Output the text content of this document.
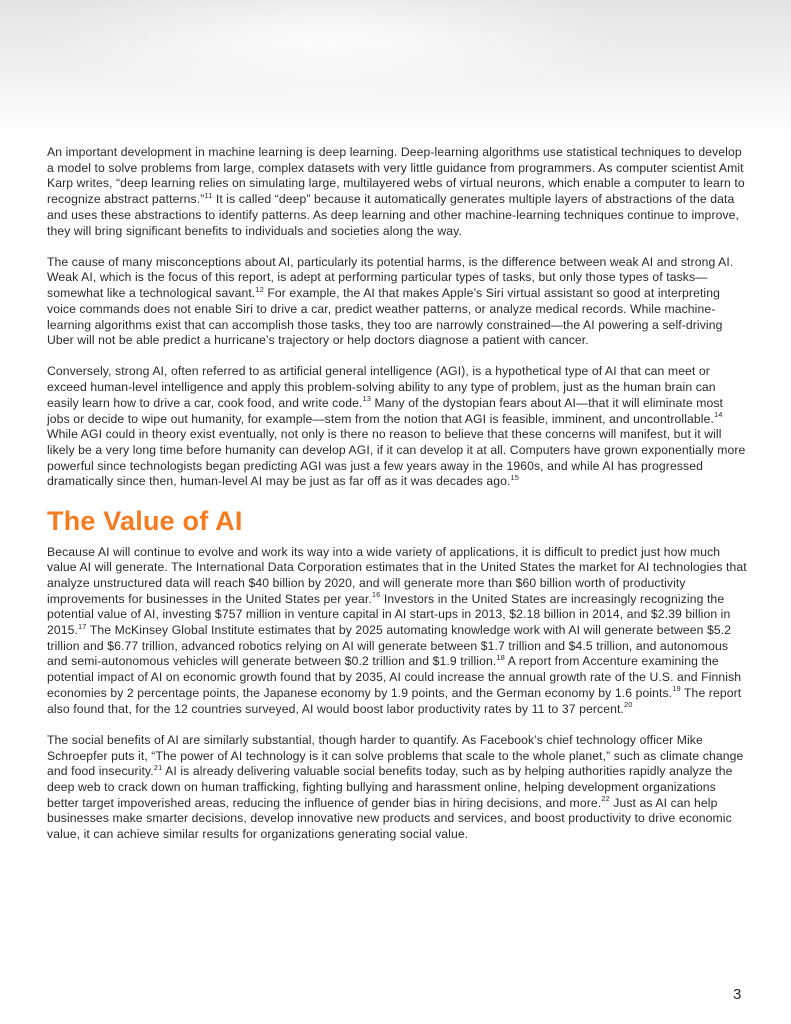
An important development in machine learning is deep learning. Deep-learning algorithms use statistical techniques to develop a model to solve problems from large, complex datasets with very little guidance from programmers. As computer scientist Amit Karp writes, “deep learning relies on simulating large, multilayered webs of virtual neurons, which enable a computer to learn to recognize abstract patterns.”$^{11}$ It is called “deep” because it automatically generates multiple layers of abstractions of the data and uses these abstractions to identify patterns. As deep learning and other machine-learning techniques continue to improve, they will bring significant benefits to individuals and societies along the way.

The cause of many misconceptions about AI, particularly its potential harms, is the difference between weak AI and strong AI. Weak AI, which is the focus of this report, is adept at performing particular types of tasks, but only those types of tasks—somewhat like a technological savant.$^{12}$ For example, the AI that makes Apple’s Siri virtual assistant so good at interpreting voice commands does not enable Siri to drive a car, predict weather patterns, or analyze medical records. While machine-learning algorithms exist that can accomplish those tasks, they too are narrowly constrained—the AI powering a self-driving Uber will not be able predict a hurricane’s trajectory or help doctors diagnose a patient with cancer.

Conversely, strong AI, often referred to as artificial general intelligence (AGI), is a hypothetical type of AI that can meet or exceed human-level intelligence and apply this problem-solving ability to any type of problem, just as the human brain can easily learn how to drive a car, cook food, and write code.$^{13}$ Many of the dystopian fears about AI—that it will eliminate most jobs or decide to wipe out humanity, for example—stem from the notion that AGI is feasible, imminent, and uncontrollable.$^{14}$ While AGI could in theory exist eventually, not only is there no reason to believe that these concerns will manifest, but it will likely be a very long time before humanity can develop AGI, if it can develop it at all. Computers have grown exponentially more powerful since technologists began predicting AGI was just a few years away in the 1960s, and while AI has progressed dramatically since then, human-level AI may be just as far off as it was decades ago.$^{15}$

The Value of AI

Because AI will continue to evolve and work its way into a wide variety of applications, it is difficult to predict just how much value AI will generate. The International Data Corporation estimates that in the United States the market for AI technologies that analyze unstructured data will reach $40 billion by 2020, and will generate more than $60 billion worth of productivity improvements for businesses in the United States per year.$^{16}$ Investors in the United States are increasingly recognizing the potential value of AI, investing $757 million in venture capital in AI start-ups in 2013, $2.18 billion in 2014, and $2.39 billion in 2015.17 The McKinsey Global Institute estimates that by 2025 automating knowledge work with AI will generate between $5.2 trillion and $6.77 trillion, advanced robotics relying on AI will generate between $1.7 trillion and $4.5 trillion, and autonomous and semi-autonomous vehicles will generate between $0.2 trillion and $1.9 trillion.$^{18}$ A report from Accenture examining the potential impact of AI on economic growth found that by 2035, AI could increase the annual growth rate of the U.S. and Finnish economies by 2 percentage points, the Japanese economy by 1.9 points, and the German economy by 1.6 points.$^{19}$ The report also found that, for the 12 countries surveyed, AI would boost labor productivity rates by 11 to 37 percent.$^{20}$

The social benefits of AI are similarly substantial, though harder to quantify. As Facebook’s chief technology officer Mike Schroepfer puts it, “The power of AI technology is it can solve problems that scale to the whole planet,” such as climate change and food insecurity.$^{21}$ AI is already delivering valuable social benefits today, such as by helping authorities rapidly analyze the deep web to crack down on human trafficking, fighting bullying and harassment online, helping development organizations better target impoverished areas, reducing the influence of gender bias in hiring decisions, and more.$^{22}$ Just as AI can help businesses make smarter decisions, develop innovative new products and services, and boost productivity to drive economic value, it can achieve similar results for organizations generating social value.

3
